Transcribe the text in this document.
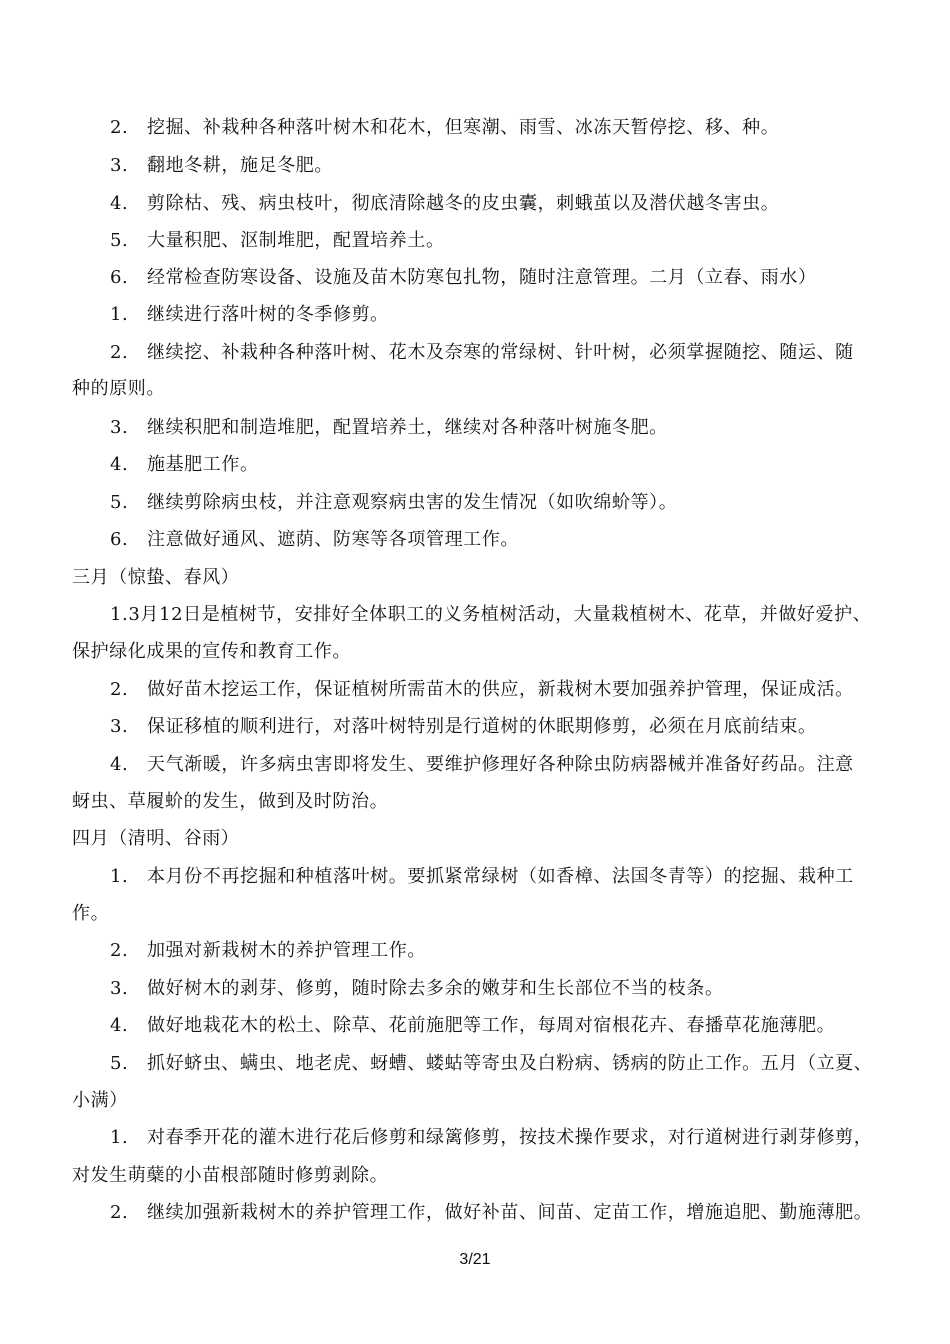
2.　挖掘、补栽种各种落叶树木和花木，但寒潮、雨雪、冰冻天暂停挖、移、种。
3.　翻地冬耕，施足冬肥。
4.　剪除枯、残、病虫枝叶，彻底清除越冬的皮虫囊，刺蛾茧以及潜伏越冬害虫。
5.　大量积肥、沤制堆肥，配置培养土。
6.　经常检查防寒设备、设施及苗木防寒包扎物，随时注意管理。二月（立春、雨水）
1.　继续进行落叶树的冬季修剪。
2.　继续挖、补栽种各种落叶树、花木及奈寒的常绿树、针叶树，必须掌握随挖、随运、随
种的原则。
3.　继续积肥和制造堆肥，配置培养土，继续对各种落叶树施冬肥。
4.　施基肥工作。
5.　继续剪除病虫枝，并注意观察病虫害的发生情况（如吹绵蚧等）。
6.　注意做好通风、遮荫、防寒等各项管理工作。
三月（惊蛰、春风）
1.3月12日是植树节，安排好全体职工的义务植树活动，大量栽植树木、花草，并做好爱护、
保护绿化成果的宣传和教育工作。
2.　做好苗木挖运工作，保证植树所需苗木的供应，新栽树木要加强养护管理，保证成活。
3.　保证移植的顺利进行，对落叶树特别是行道树的休眠期修剪，必须在月底前结束。
4.　天气渐暖，许多病虫害即将发生、要维护修理好各种除虫防病器械并准备好药品。注意
蚜虫、草履蚧的发生，做到及时防治。
四月（清明、谷雨）
1.　本月份不再挖掘和种植落叶树。要抓紧常绿树（如香樟、法国冬青等）的挖掘、栽种工
作。
2.　加强对新栽树木的养护管理工作。
3.　做好树木的剥芽、修剪，随时除去多余的嫩芽和生长部位不当的枝条。
4.　做好地栽花木的松土、除草、花前施肥等工作，每周对宿根花卉、春播草花施薄肥。
5.　抓好蛴虫、螨虫、地老虎、蚜螬、蝼蛄等寄虫及白粉病、锈病的防止工作。五月（立夏、
小满）
1.　对春季开花的灌木进行花后修剪和绿篱修剪，按技术操作要求，对行道树进行剥芽修剪，
对发生萌蘖的小苗根部随时修剪剥除。
2.　继续加强新栽树木的养护管理工作，做好补苗、间苗、定苗工作，增施追肥、勤施薄肥。
3/21
